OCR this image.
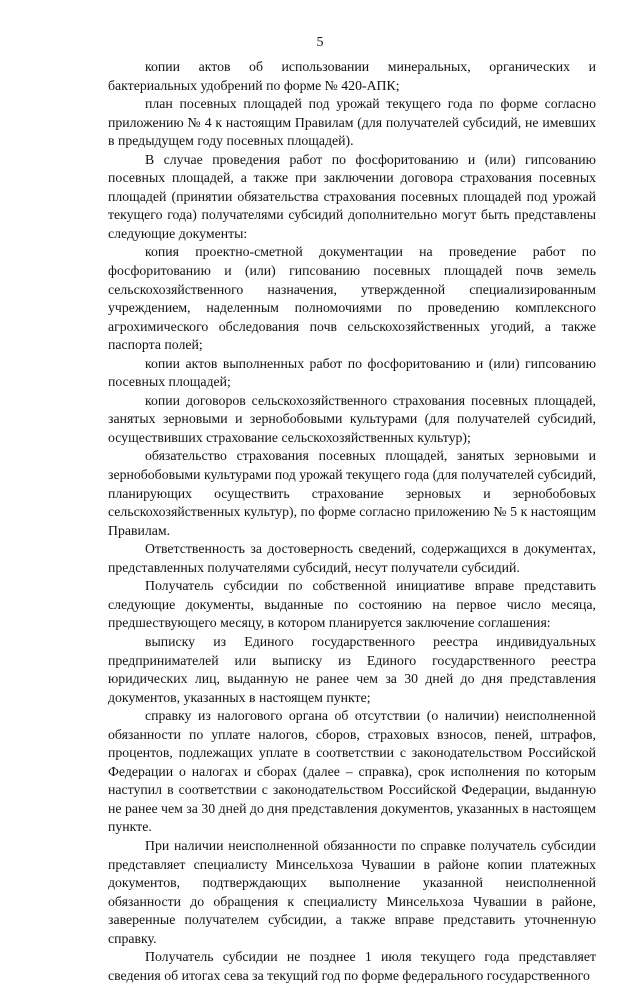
5

копии актов об использовании минеральных, органических и бактериальных удобрений по форме № 420-АПК;

план посевных площадей под урожай текущего года по форме согласно приложению № 4 к настоящим Правилам (для получателей субсидий, не имевших в предыдущем году посевных площадей).

В случае проведения работ по фосфоритованию и (или) гипсованию посевных площадей, а также при заключении договора страхования посевных площадей (принятии обязательства страхования посевных площадей под урожай текущего года) получателями субсидий дополнительно могут быть представлены следующие документы:

копия проектно-сметной документации на проведение работ по фосфоритованию и (или) гипсованию посевных площадей почв земель сельскохозяйственного назначения, утвержденной специализированным учреждением, наделенным полномочиями по проведению комплексного агрохимического обследования почв сельскохозяйственных угодий, а также паспорта полей;

копии актов выполненных работ по фосфоритованию и (или) гипсованию посевных площадей;

копии договоров сельскохозяйственного страхования посевных площадей, занятых зерновыми и зернобобовыми культурами (для получателей субсидий, осуществивших страхование сельскохозяйственных культур);

обязательство страхования посевных площадей, занятых зерновыми и зернобобовыми культурами под урожай текущего года (для получателей субсидий, планирующих осуществить страхование зерновых и зернобобовых сельскохозяйственных культур), по форме согласно приложению № 5 к настоящим Правилам.

Ответственность за достоверность сведений, содержащихся в документах, представленных получателями субсидий, несут получатели субсидий.

Получатель субсидии по собственной инициативе вправе представить следующие документы, выданные по состоянию на первое число месяца, предшествующего месяцу, в котором планируется заключение соглашения:

выписку из Единого государственного реестра индивидуальных предпринимателей или выписку из Единого государственного реестра юридических лиц, выданную не ранее чем за 30 дней до дня представления документов, указанных в настоящем пункте;

справку из налогового органа об отсутствии (о наличии) неисполненной обязанности по уплате налогов, сборов, страховых взносов, пеней, штрафов, процентов, подлежащих уплате в соответствии с законодательством Российской Федерации о налогах и сборах (далее – справка), срок исполнения по которым наступил в соответствии с законодательством Российской Федерации, выданную не ранее чем за 30 дней до дня представления документов, указанных в настоящем пункте.

При наличии неисполненной обязанности по справке получатель субсидии представляет специалисту Минсельхоза Чувашии в районе копии платежных документов, подтверждающих выполнение указанной неисполненной обязанности до обращения к специалисту Минсельхоза Чувашии в районе, заверенные получателем субсидии, а также вправе представить уточненную справку.

Получатель субсидии не позднее 1 июля текущего года представляет сведения об итогах сева за текущий год по форме федерального государственного
